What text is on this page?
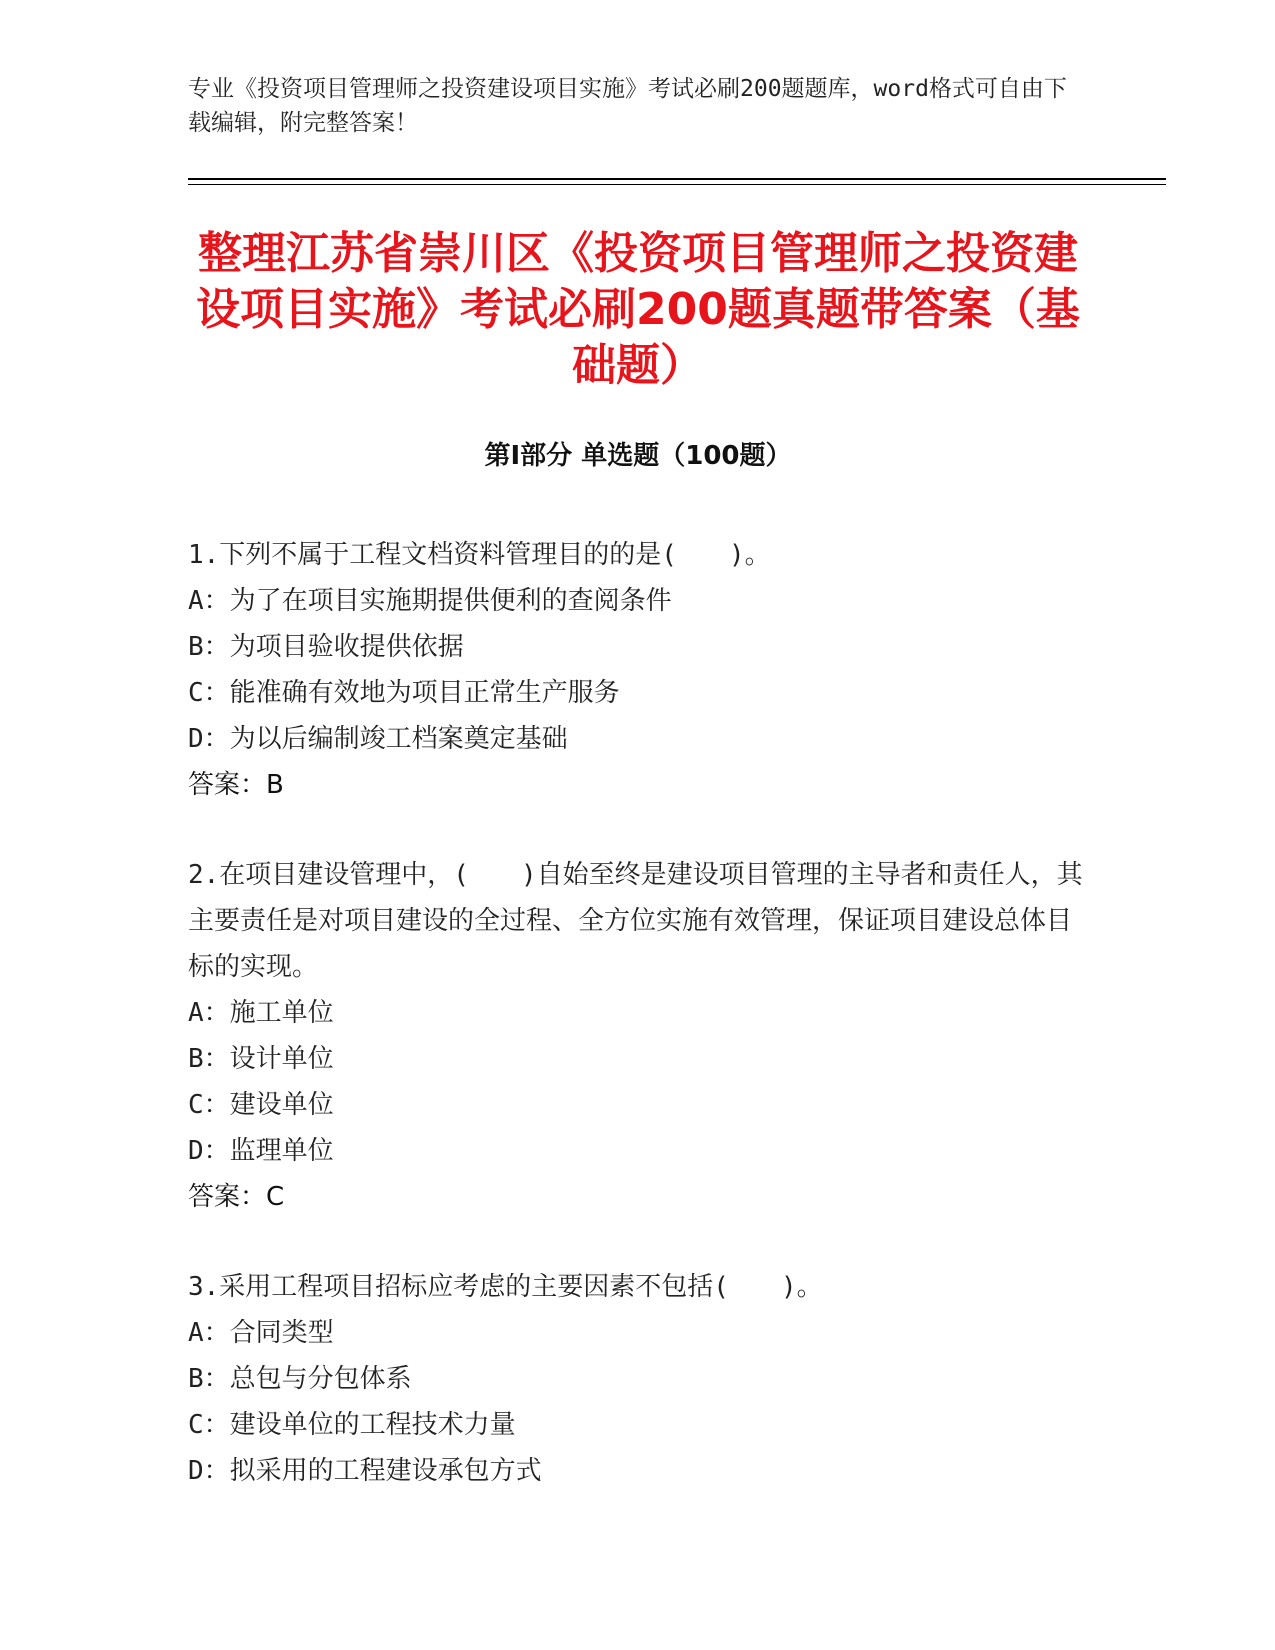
专业《投资项目管理师之投资建设项目实施》考试必刷200题题库，word格式可自由下载编辑，附完整答案！
整理江苏省崇川区《投资项目管理师之投资建设项目实施》考试必刷200题真题带答案（基础题）
第Ⅰ部分 单选题（100题）

1.下列不属于工程文档资料管理目的的是(　　)。

A：为了在项目实施期提供便利的查阅条件

B：为项目验收提供依据

C：能准确有效地为项目正常生产服务

D：为以后编制竣工档案奠定基础

答案：B

2.在项目建设管理中，(　　)自始至终是建设项目管理的主导者和责任人，其主要责任是对项目建设的全过程、全方位实施有效管理，保证项目建设总体目标的实现。

A：施工单位

B：设计单位

C：建设单位

D：监理单位

答案：C

3.采用工程项目招标应考虑的主要因素不包括(　　)。

A：合同类型

B：总包与分包体系

C：建设单位的工程技术力量

D：拟采用的工程建设承包方式
